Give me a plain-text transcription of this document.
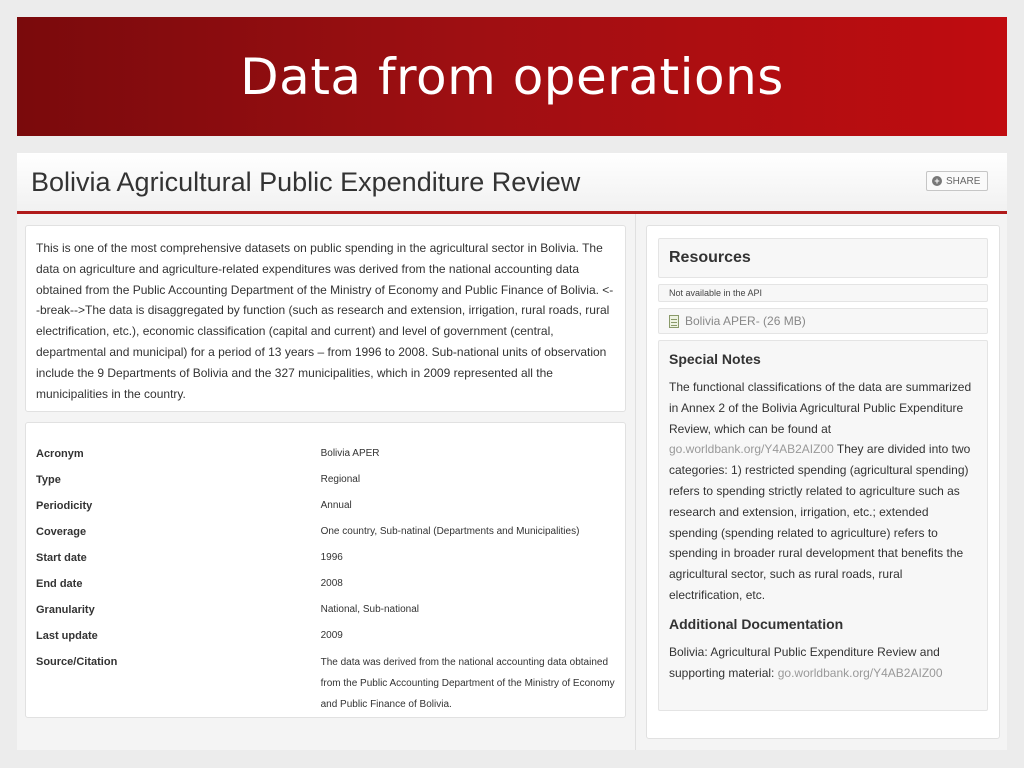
Data from operations
Bolivia Agricultural Public Expenditure Review	+ SHARE

This is one of the most comprehensive datasets on public spending in the agricultural sector in Bolivia. The data on agriculture and agriculture-related expenditures was derived from the national accounting data obtained from the Public Accounting Department of the Ministry of Economy and Public Finance of Bolivia. <--break-->The data is disaggregated by function (such as research and extension, irrigation, rural roads, rural electrification, etc.), economic classification (capital and current) and level of government (central, departmental and municipal) for a period of 13 years – from 1996 to 2008. Sub-national units of observation include the 9 Departments of Bolivia and the 327 municipalities, which in 2009 represented all the municipalities in the country.

Acronym	Bolivia APER
Type	Regional
Periodicity	Annual
Coverage	One country, Sub-natinal (Departments and Municipalities)
Start date	1996
End date	2008
Granularity	National, Sub-national
Last update	2009
Source/Citation	The data was derived from the national accounting data obtained from the Public Accounting Department of the Ministry of Economy and Public Finance of Bolivia.
Resources
Not available in the API
Bolivia APER- (26 MB)
Special Notes

The functional classifications of the data are summarized in Annex 2 of the Bolivia Agricultural Public Expenditure Review, which can be found at go.worldbank.org/Y4AB2AIZ00 They are divided into two categories: 1) restricted spending (agricultural spending) refers to spending strictly related to agriculture such as research and extension, irrigation, etc.; extended spending (spending related to agriculture) refers to spending in broader rural development that benefits the agricultural sector, such as rural roads, rural electrification, etc.

Additional Documentation

Bolivia: Agricultural Public Expenditure Review and supporting material: go.worldbank.org/Y4AB2AIZ00
